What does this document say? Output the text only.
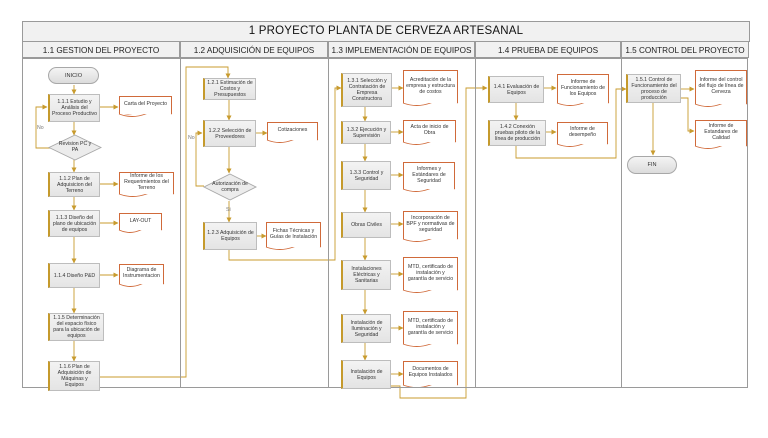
1 PROYECTO PLANTA DE CERVEZA ARTESANAL
1.1 GESTION DEL PROYECTO	1.2 ADQUISICIÓN DE EQUIPOS	1.3 IMPLEMENTACIÓN DE EQUIPOS	1.4 PRUEBA DE EQUIPOS	1.5 CONTROL DEL PROYECTO
INICIO
1.1.1 Estudio y Análisis del Proceso Productivo
Carta del Proyecto
Revision PC y PA
No
1.1.2 Plan de Adquisicion del Terreno
Informe de los Requerimientos del Terreno
1.1.3 Diseño del plano de ubicación de equipos
LAY-OUT
1.1.4 Diseño P&D
Diagrama de Instrumentacion
1.1.5 Determinación del espacio físico para la ubicación de equipos
1.1.6 Plan de Adquisición de Máquinas y Equipos
1.2.1 Estimación de Costos y Presupuestos
1.2.2 Selección de Proveedores
Cotizaciones
Autorización de compra
No
Si
1.2.3 Adquisición de Equipos
Fichas Técnicas y Guías de Instalación
1.3.1 Selección y Contratación de Empresa Constructora
Acreditación de la empresa y estructura de costos
1.3.2 Ejecución y Supervisión
Acta de inicio de Obra
1.3.3 Control y Seguridad
Informes y Estándares de Seguridad
Obras Civiles
Incorporación de BPF y normativas de seguridad
Instalaciones Eléctricas y Sanitarias
MTD, certificado de instalación y garantía de servicio
Instalación de Iluminación y Seguridad
MTD, certificado de instalación y garantía de servicio
Instalación de Equipos
Documentos de Equipos Instalados
1.4.1 Evaluación de Equipos
Informe de Funcionamiento de los Equipos
1.4.2 Conexión pruebas piloto de la línea de producción
Informe de desempeño
1.5.1 Control de Funcionamiento del proceso de producción
Informe del control del flujo de línea de Cerveza
Informe de Estandares de Calidad
FIN
